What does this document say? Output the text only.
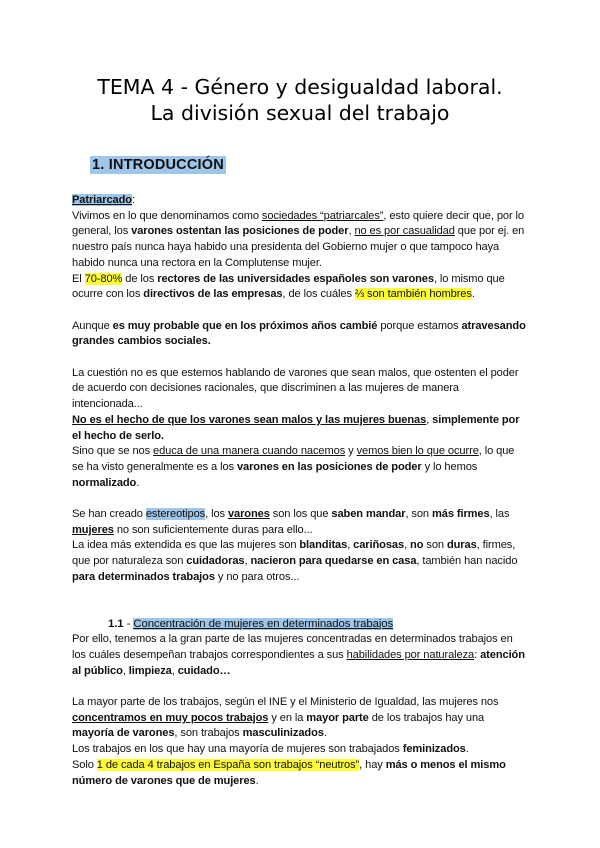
TEMA 4 - Género y desigualdad laboral.
La división sexual del trabajo
1. INTRODUCCIÓN

Patriarcado:

Vivimos en lo que denominamos como sociedades “patriarcales”, esto quiere decir que, por lo general, los varones ostentan las posiciones de poder, no es por casualidad que por ej. en nuestro país nunca haya habido una presidenta del Gobierno mujer o que tampoco haya habido nunca una rectora en la Complutense mujer.

El 70-80% de los rectores de las universidades españoles son varones, lo mismo que ocurre con los directivos de las empresas, de los cuáles ⅔ son también hombres.

Aunque es muy probable que en los próximos años cambié porque estamos atravesando grandes cambios sociales.

La cuestión no es que estemos hablando de varones que sean malos, que ostenten el poder de acuerdo con decisiones racionales, que discriminen a las mujeres de manera intencionada...

No es el hecho de que los varones sean malos y las mujeres buenas, simplemente por el hecho de serlo.

Sino que se nos educa de una manera cuando nacemos y vemos bien lo que ocurre, lo que se ha visto generalmente es a los varones en las posiciones de poder y lo hemos normalizado.

Se han creado estereotipos, los varones son los que saben mandar, son más firmes, las mujeres no son suficientemente duras para ello...

La idea más extendida es que las mujeres son blanditas, cariñosas, no son duras, firmes, que por naturaleza son cuidadoras, nacieron para quedarse en casa, también han nacido para determinados trabajos y no para otros...

1.1 - Concentración de mujeres en determinados trabajos

Por ello, tenemos a la gran parte de las mujeres concentradas en determinados trabajos en los cuáles desempeñan trabajos correspondientes a sus habilidades por naturaleza: atención al público, limpieza, cuidado…

La mayor parte de los trabajos, según el INE y el Ministerio de Igualdad, las mujeres nos concentramos en muy pocos trabajos y en la mayor parte de los trabajos hay una mayoría de varones, son trabajos masculinizados.

Los trabajos en los que hay una mayoría de mujeres son trabajados feminizados.

Solo 1 de cada 4 trabajos en España son trabajos “neutros”, hay más o menos el mismo número de varones que de mujeres.
